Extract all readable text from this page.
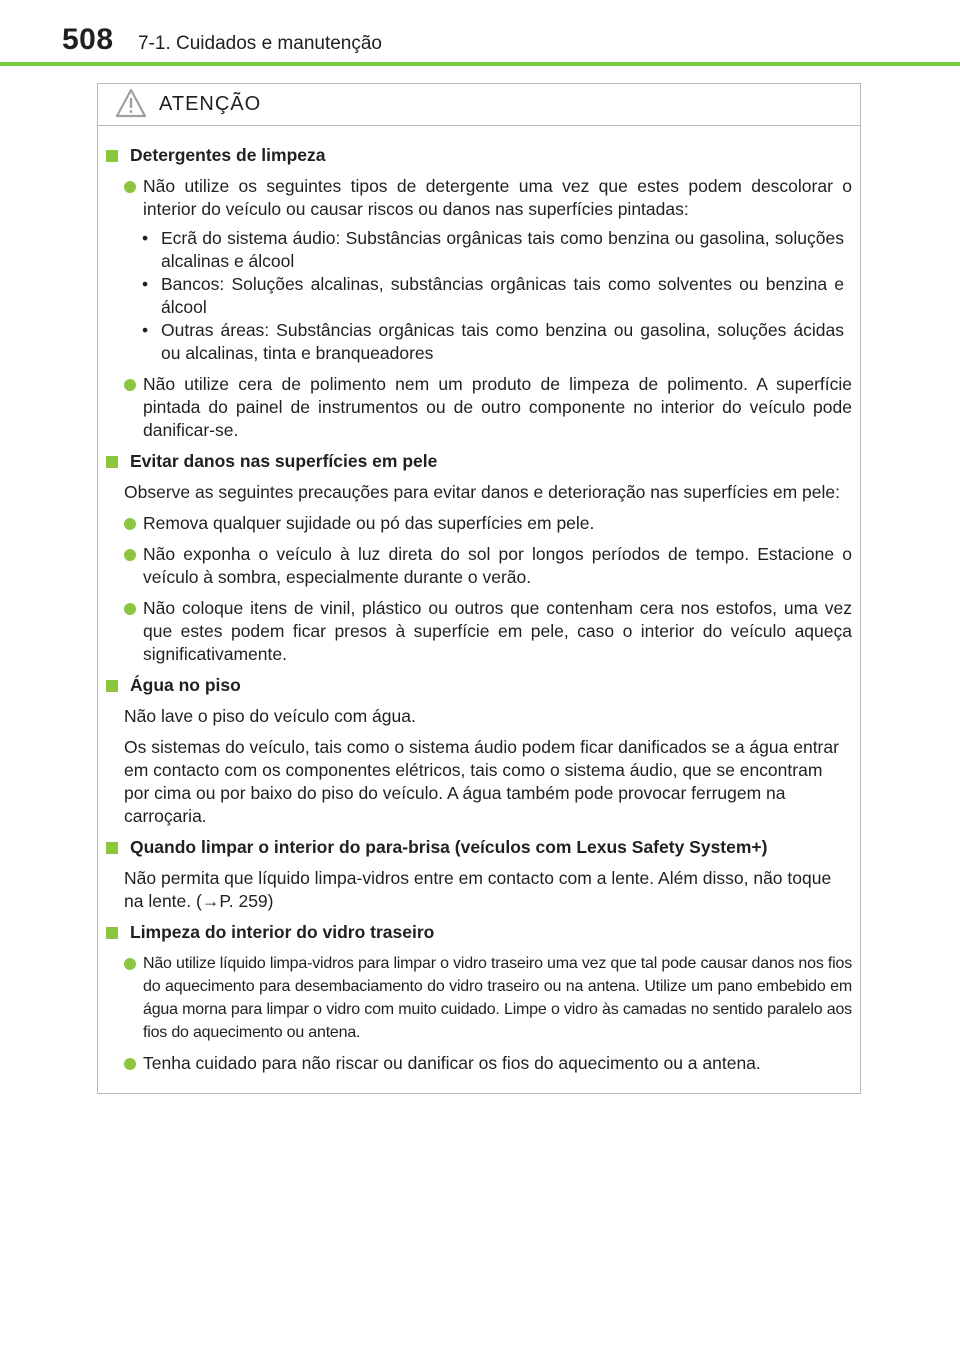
508 7-1. Cuidados e manutenção
ATENÇÃO
Detergentes de limpeza
Não utilize os seguintes tipos de detergente uma vez que estes podem descolorar o interior do veículo ou causar riscos ou danos nas superfícies pintadas:
• Ecrã do sistema áudio: Substâncias orgânicas tais como benzina ou gasolina, soluções alcalinas e álcool
• Bancos: Soluções alcalinas, substâncias orgânicas tais como solventes ou benzina e álcool
• Outras áreas: Substâncias orgânicas tais como benzina ou gasolina, soluções ácidas ou alcalinas, tinta e branqueadores
Não utilize cera de polimento nem um produto de limpeza de polimento. A superfície pintada do painel de instrumentos ou de outro componente no interior do veículo pode danificar-se.
Evitar danos nas superfícies em pele
Observe as seguintes precauções para evitar danos e deterioração nas superfícies em pele:
Remova qualquer sujidade ou pó das superfícies em pele.
Não exponha o veículo à luz direta do sol por longos períodos de tempo. Estacione o veículo à sombra, especialmente durante o verão.
Não coloque itens de vinil, plástico ou outros que contenham cera nos estofos, uma vez que estes podem ficar presos à superfície em pele, caso o interior do veículo aqueça significativamente.
Água no piso
Não lave o piso do veículo com água.
Os sistemas do veículo, tais como o sistema áudio podem ficar danificados se a água entrar em contacto com os componentes elétricos, tais como o sistema áudio, que se encontram por cima ou por baixo do piso do veículo. A água também pode provocar ferrugem na carroçaria.
Quando limpar o interior do para-brisa (veículos com Lexus Safety System+)
Não permita que líquido limpa-vidros entre em contacto com a lente. Além disso, não toque na lente. (→P. 259)
Limpeza do interior do vidro traseiro
Não utilize líquido limpa-vidros para limpar o vidro traseiro uma vez que tal pode causar danos nos fios do aquecimento para desembaciamento do vidro traseiro ou na antena. Utilize um pano embebido em água morna para limpar o vidro com muito cuidado. Limpe o vidro às camadas no sentido paralelo aos fios do aquecimento ou antena.
Tenha cuidado para não riscar ou danificar os fios do aquecimento ou a antena.
